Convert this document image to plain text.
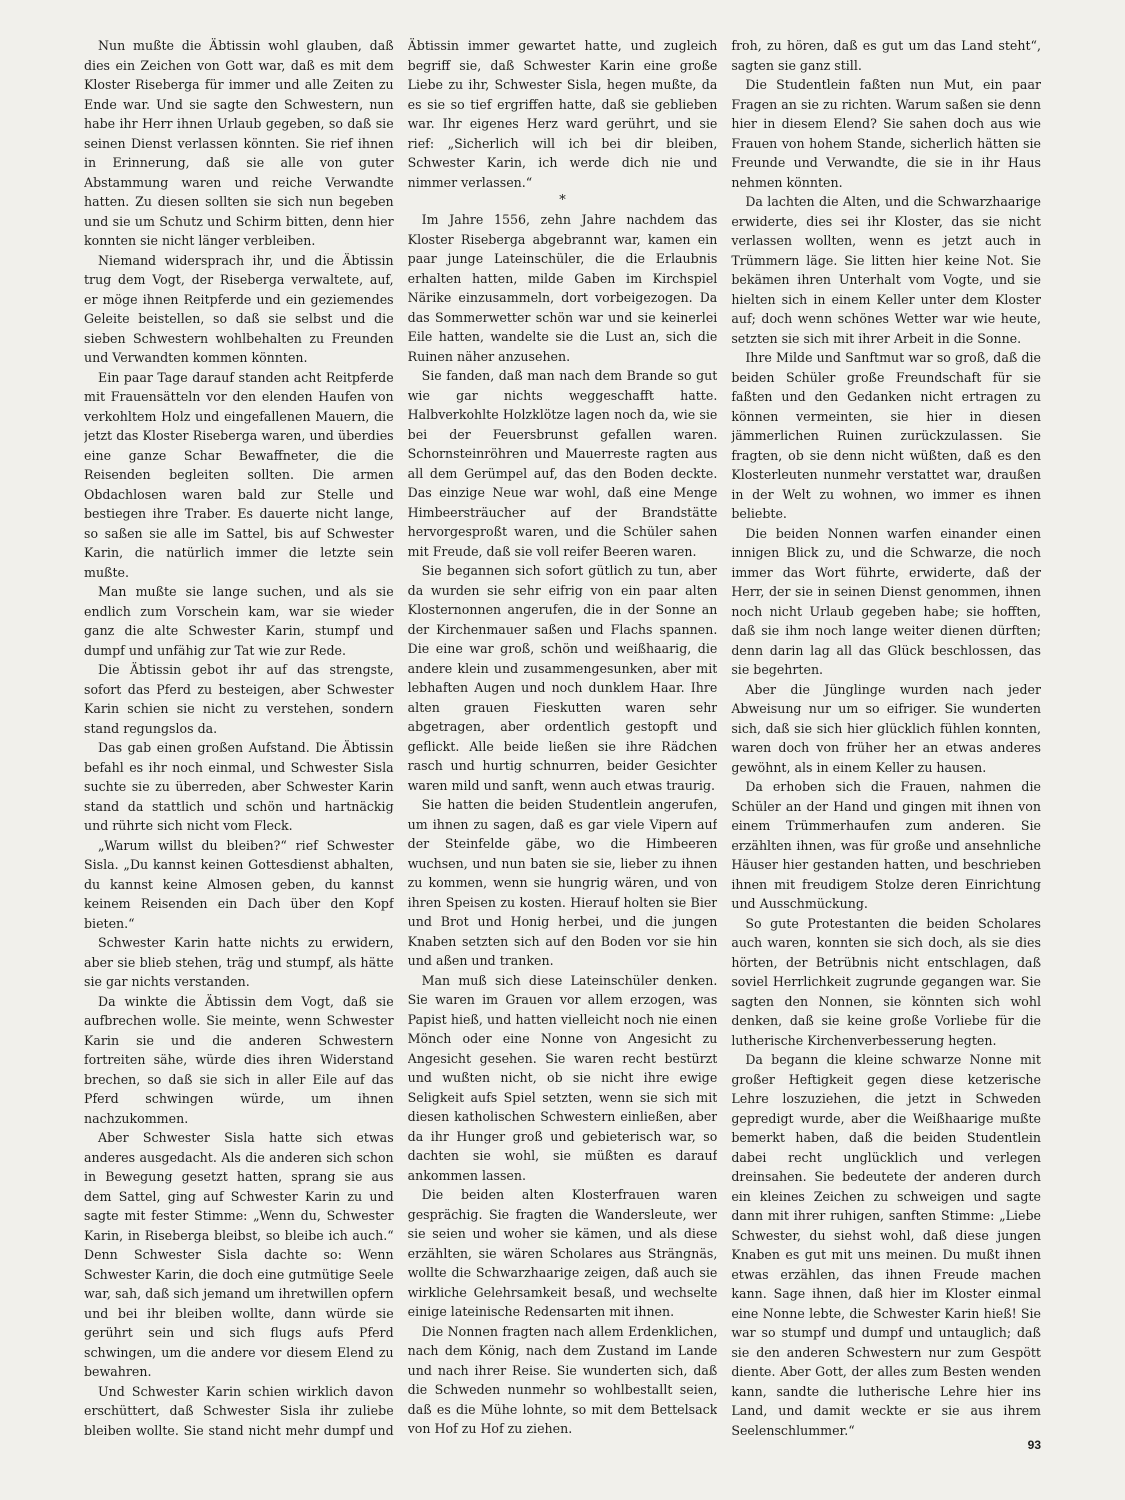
Nun mußte die Äbtissin wohl glauben, daß dies ein Zeichen von Gott war, daß es mit dem Kloster Riseberga für immer und alle Zeiten zu Ende war. Und sie sagte den Schwestern, nun habe ihr Herr ihnen Urlaub gegeben, so daß sie seinen Dienst verlassen könnten. Sie rief ihnen in Erinnerung, daß sie alle von guter Abstammung waren und reiche Verwandte hatten. Zu diesen sollten sie sich nun begeben und sie um Schutz und Schirm bitten, denn hier konnten sie nicht länger verbleiben.

Niemand widersprach ihr, und die Äbtissin trug dem Vogt, der Riseberga verwaltete, auf, er möge ihnen Reitpferde und ein geziemendes Geleite beistellen, so daß sie selbst und die sieben Schwestern wohlbehalten zu Freunden und Verwandten kommen könnten.

Ein paar Tage darauf standen acht Reitpferde mit Frauensätteln vor den elenden Haufen von verkohltem Holz und eingefallenen Mauern, die jetzt das Kloster Riseberga waren, und überdies eine ganze Schar Bewaffneter, die die Reisenden begleiten sollten. Die armen Obdachlosen waren bald zur Stelle und bestiegen ihre Traber. Es dauerte nicht lange, so saßen sie alle im Sattel, bis auf Schwester Karin, die natürlich immer die letzte sein mußte.

Man mußte sie lange suchen, und als sie endlich zum Vorschein kam, war sie wieder ganz die alte Schwester Karin, stumpf und dumpf und unfähig zur Tat wie zur Rede.

Die Äbtissin gebot ihr auf das strengste, sofort das Pferd zu besteigen, aber Schwester Karin schien sie nicht zu verstehen, sondern stand regungslos da.

Das gab einen großen Aufstand. Die Äbtissin befahl es ihr noch einmal, und Schwester Sisla suchte sie zu überreden, aber Schwester Karin stand da stattlich und schön und hartnäckig und rührte sich nicht vom Fleck.

„Warum willst du bleiben?“ rief Schwester Sisla. „Du kannst keinen Gottesdienst abhalten, du kannst keine Almosen geben, du kannst keinem Reisenden ein Dach über den Kopf bieten.“

Schwester Karin hatte nichts zu erwidern, aber sie blieb stehen, träg und stumpf, als hätte sie gar nichts verstanden.

Da winkte die Äbtissin dem Vogt, daß sie aufbrechen wolle. Sie meinte, wenn Schwester Karin sie und die anderen Schwestern fortreiten sähe, würde dies ihren Widerstand brechen, so daß sie sich in aller Eile auf das Pferd schwingen würde, um ihnen nachzukommen.

Aber Schwester Sisla hatte sich etwas anderes ausgedacht. Als die anderen sich schon in Bewegung gesetzt hatten, sprang sie aus dem Sattel, ging auf Schwester Karin zu und sagte mit fester Stimme: „Wenn du, Schwester Karin, in Riseberga bleibst, so bleibe ich auch.“ Denn Schwester Sisla dachte so: Wenn Schwester Karin, die doch eine gutmütige Seele war, sah, daß sich jemand um ihretwillen opfern und bei ihr bleiben wollte, dann würde sie gerührt sein und sich flugs aufs Pferd schwingen, um die andere vor diesem Elend zu bewahren.

Und Schwester Karin schien wirklich davon erschüttert, daß Schwester Sisla ihr zuliebe bleiben wollte. Sie stand nicht mehr dumpf und

Äbtissin immer gewartet hatte, und zugleich begriff sie, daß Schwester Karin eine große Liebe zu ihr, Schwester Sisla, hegen mußte, da es sie so tief ergriffen hatte, daß sie geblieben war. Ihr eigenes Herz ward gerührt, und sie rief: „Sicherlich will ich bei dir bleiben, Schwester Karin, ich werde dich nie und nimmer verlassen.“

*

Im Jahre 1556, zehn Jahre nachdem das Kloster Riseberga abgebrannt war, kamen ein paar junge Lateinschüler, die die Erlaubnis erhalten hatten, milde Gaben im Kirchspiel Närike einzusammeln, dort vorbeigezogen. Da das Sommerwetter schön war und sie keinerlei Eile hatten, wandelte sie die Lust an, sich die Ruinen näher anzusehen.

Sie fanden, daß man nach dem Brande so gut wie gar nichts weggeschafft hatte. Halbverkohlte Holzklötze lagen noch da, wie sie bei der Feuersbrunst gefallen waren. Schornsteinröhren und Mauerreste ragten aus all dem Gerümpel auf, das den Boden deckte. Das einzige Neue war wohl, daß eine Menge Himbeersträucher auf der Brandstätte hervorgesproßt waren, und die Schüler sahen mit Freude, daß sie voll reifer Beeren waren.

Sie begannen sich sofort gütlich zu tun, aber da wurden sie sehr eifrig von ein paar alten Klosternonnen angerufen, die in der Sonne an der Kirchenmauer saßen und Flachs spannen. Die eine war groß, schön und weißhaarig, die andere klein und zusammengesunken, aber mit lebhaften Augen und noch dunklem Haar. Ihre alten grauen Fieskutten waren sehr abgetragen, aber ordentlich gestopft und geflickt. Alle beide ließen sie ihre Rädchen rasch und hurtig schnurren, beider Gesichter waren mild und sanft, wenn auch etwas traurig.

Sie hatten die beiden Studentlein angerufen, um ihnen zu sagen, daß es gar viele Vipern auf der Steinfelde gäbe, wo die Himbeeren wuchsen, und nun baten sie sie, lieber zu ihnen zu kommen, wenn sie hungrig wären, und von ihren Speisen zu kosten. Hierauf holten sie Bier und Brot und Honig herbei, und die jungen Knaben setzten sich auf den Boden vor sie hin und aßen und tranken.

Man muß sich diese Lateinschüler denken. Sie waren im Grauen vor allem erzogen, was Papist hieß, und hatten vielleicht noch nie einen Mönch oder eine Nonne von Angesicht zu Angesicht gesehen. Sie waren recht bestürzt und wußten nicht, ob sie nicht ihre ewige Seligkeit aufs Spiel setzten, wenn sie sich mit diesen katholischen Schwestern einließen, aber da ihr Hunger groß und gebieterisch war, so dachten sie wohl, sie müßten es darauf ankommen lassen.

Die beiden alten Klosterfrauen waren gesprächig. Sie fragten die Wandersleute, wer sie seien und woher sie kämen, und als diese erzählten, sie wären Scholares aus Strängnäs, wollte die Schwarzhaarige zeigen, daß auch sie wirkliche Gelehrsamkeit besaß, und wechselte einige lateinische Redensarten mit ihnen.

Die Nonnen fragten nach allem Erdenklichen, nach dem König, nach dem Zustand im Lande und nach ihrer Reise. Sie wunderten sich, daß die Schweden nunmehr so wohlbestallt seien, daß es die Mühe lohnte, so mit dem Bettelsack von Hof zu Hof zu ziehen.

froh, zu hören, daß es gut um das Land steht“, sagten sie ganz still.

Die Studentlein faßten nun Mut, ein paar Fragen an sie zu richten. Warum saßen sie denn hier in diesem Elend? Sie sahen doch aus wie Frauen von hohem Stande, sicherlich hätten sie Freunde und Verwandte, die sie in ihr Haus nehmen könnten.

Da lachten die Alten, und die Schwarzhaarige erwiderte, dies sei ihr Kloster, das sie nicht verlassen wollten, wenn es jetzt auch in Trümmern läge. Sie litten hier keine Not. Sie bekämen ihren Unterhalt vom Vogte, und sie hielten sich in einem Keller unter dem Kloster auf; doch wenn schönes Wetter war wie heute, setzten sie sich mit ihrer Arbeit in die Sonne.

Ihre Milde und Sanftmut war so groß, daß die beiden Schüler große Freundschaft für sie faßten und den Gedanken nicht ertragen zu können vermeinten, sie hier in diesen jämmerlichen Ruinen zurückzulassen. Sie fragten, ob sie denn nicht wüßten, daß es den Klosterleuten nunmehr verstattet war, draußen in der Welt zu wohnen, wo immer es ihnen beliebte.

Die beiden Nonnen warfen einander einen innigen Blick zu, und die Schwarze, die noch immer das Wort führte, erwiderte, daß der Herr, der sie in seinen Dienst genommen, ihnen noch nicht Urlaub gegeben habe; sie hofften, daß sie ihm noch lange weiter dienen dürften; denn darin lag all das Glück beschlossen, das sie begehrten.

Aber die Jünglinge wurden nach jeder Abweisung nur um so eifriger. Sie wunderten sich, daß sie sich hier glücklich fühlen konnten, waren doch von früher her an etwas anderes gewöhnt, als in einem Keller zu hausen.

Da erhoben sich die Frauen, nahmen die Schüler an der Hand und gingen mit ihnen von einem Trümmerhaufen zum anderen. Sie erzählten ihnen, was für große und ansehnliche Häuser hier gestanden hatten, und beschrieben ihnen mit freudigem Stolze deren Einrichtung und Ausschmückung.

So gute Protestanten die beiden Scholares auch waren, konnten sie sich doch, als sie dies hörten, der Betrübnis nicht entschlagen, daß soviel Herrlichkeit zugrunde gegangen war. Sie sagten den Nonnen, sie könnten sich wohl denken, daß sie keine große Vorliebe für die lutherische Kirchenverbesserung hegten.

Da begann die kleine schwarze Nonne mit großer Heftigkeit gegen diese ketzerische Lehre loszuziehen, die jetzt in Schweden gepredigt wurde, aber die Weißhaarige mußte bemerkt haben, daß die beiden Studentlein dabei recht unglücklich und verlegen dreinsahen. Sie bedeutete der anderen durch ein kleines Zeichen zu schweigen und sagte dann mit ihrer ruhigen, sanften Stimme: „Liebe Schwester, du siehst wohl, daß diese jungen Knaben es gut mit uns meinen. Du mußt ihnen etwas erzählen, das ihnen Freude machen kann. Sage ihnen, daß hier im Kloster einmal eine Nonne lebte, die Schwester Karin hieß! Sie war so stumpf und dumpf und untauglich; daß sie den anderen Schwestern nur zum Gespött diente. Aber Gott, der alles zum Besten wenden kann, sandte die lutherische Lehre hier ins Land, und damit weckte er sie aus ihrem Seelenschlummer.“

93
